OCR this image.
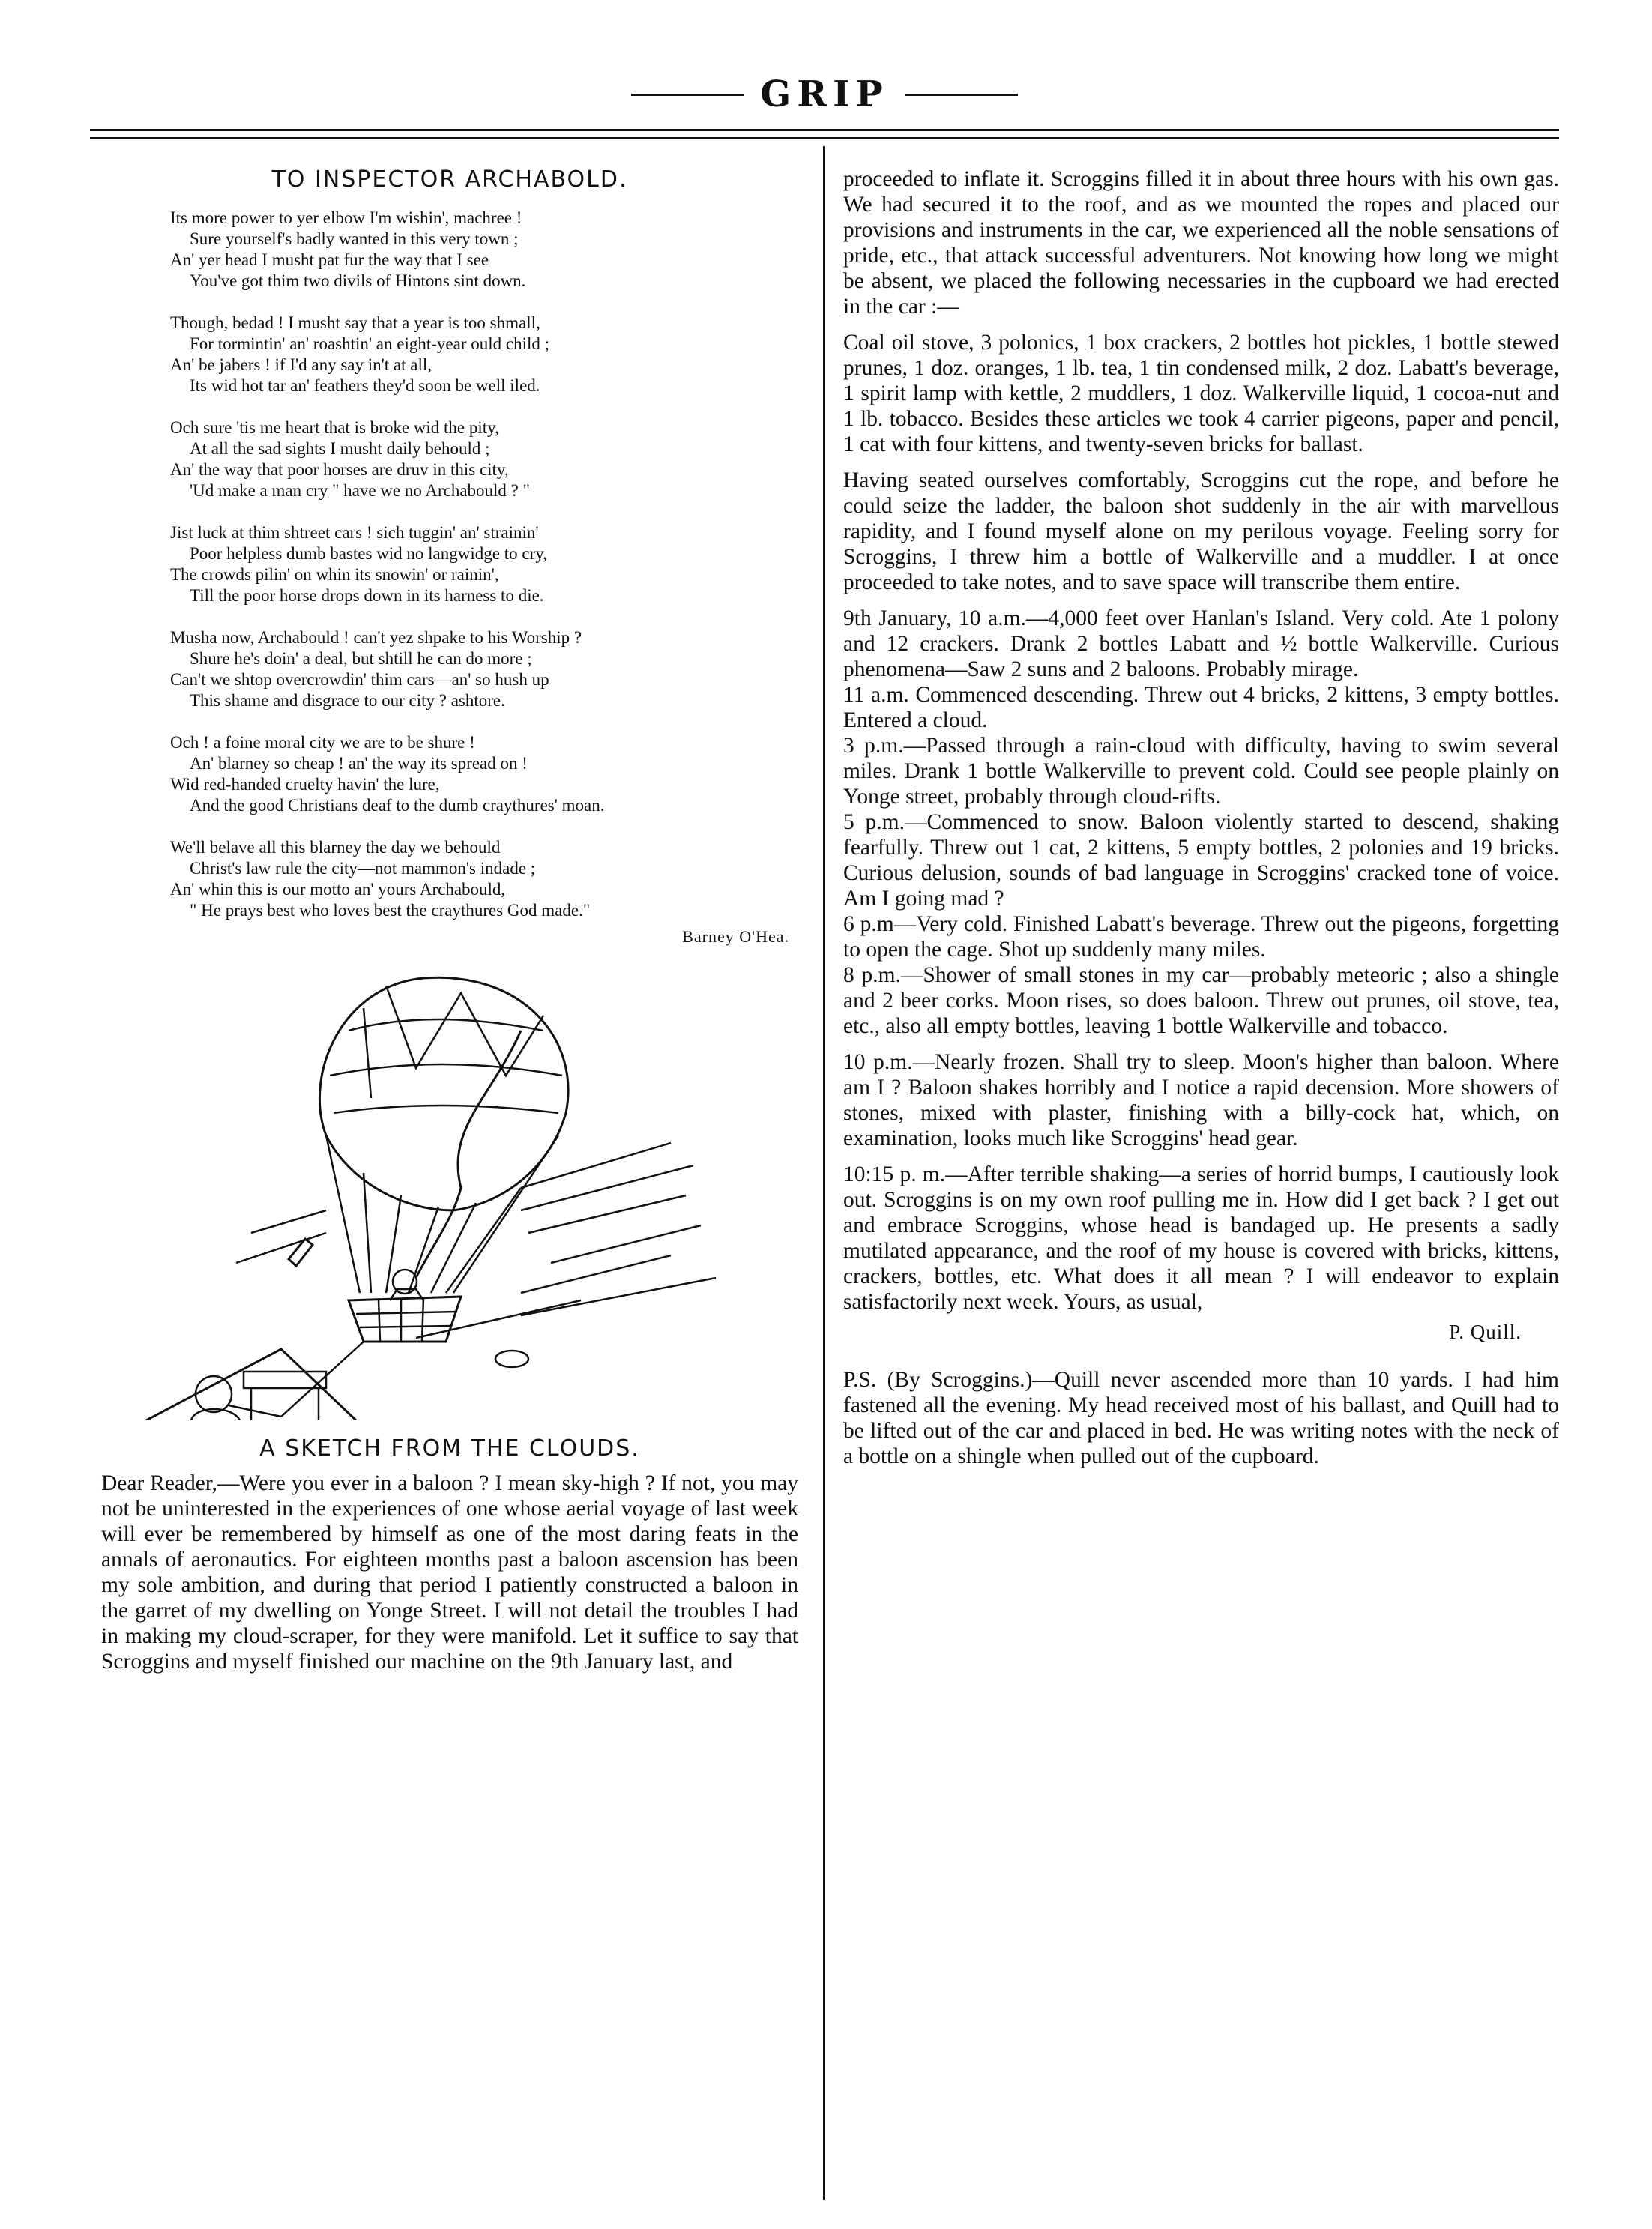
GRIP
TO INSPECTOR ARCHABOLD.
Its more power to yer elbow I'm wishin', machree !
Sure yourself's badly wanted in this very town ;
An' yer head I musht pat fur the way that I see
You've got thim two divils of Hintons sint down.
Though, bedad ! I musht say that a year is too shmall,
For tormintin' an' roashtin' an eight-year ould child ;
An' be jabers ! if I'd any say in't at all,
Its wid hot tar an' feathers they'd soon be well iled.
Och sure 'tis me heart that is broke wid the pity,
At all the sad sights I musht daily behould ;
An' the way that poor horses are druv in this city,
'Ud make a man cry " have we no Archabould ? "
Jist luck at thim shtreet cars ! sich tuggin' an' strainin'
Poor helpless dumb bastes wid no langwidge to cry,
The crowds pilin' on whin its snowin' or rainin',
Till the poor horse drops down in its harness to die.
Musha now, Archabould ! can't yez shpake to his Worship ?
Shure he's doin' a deal, but shtill he can do more ;
Can't we shtop overcrowdin' thim cars—an' so hush up
This shame and disgrace to our city ? ashtore.
Och ! a foine moral city we are to be shure !
An' blarney so cheap ! an' the way its spread on !
Wid red-handed cruelty havin' the lure,
And the good Christians deaf to the dumb craythures' moan.
We'll belave all this blarney the day we behould
Christ's law rule the city—not mammon's indade ;
An' whin this is our motto an' yours Archabould,
" He prays best who loves best the craythures God made."
Barney O'Hea.
A SKETCH FROM THE CLOUDS.

Dear Reader,—Were you ever in a baloon ? I mean sky-high ? If not, you may not be uninterested in the experiences of one whose aerial voyage of last week will ever be remembered by himself as one of the most daring feats in the annals of aeronautics. For eighteen months past a baloon ascension has been my sole ambition, and during that period I patiently constructed a baloon in the garret of my dwelling on Yonge Street. I will not detail the troubles I had in making my cloud-scraper, for they were manifold. Let it suffice to say that Scroggins and myself finished our machine on the 9th January last, and

proceeded to inflate it. Scroggins filled it in about three hours with his own gas. We had secured it to the roof, and as we mounted the ropes and placed our provisions and instruments in the car, we experienced all the noble sensations of pride, etc., that attack successful adventurers. Not knowing how long we might be absent, we placed the following necessaries in the cupboard we had erected in the car :—

Coal oil stove, 3 polonics, 1 box crackers, 2 bottles hot pickles, 1 bottle stewed prunes, 1 doz. oranges, 1 lb. tea, 1 tin condensed milk, 2 doz. Labatt's beverage, 1 spirit lamp with kettle, 2 muddlers, 1 doz. Walkerville liquid, 1 cocoa-nut and 1 lb. tobacco. Besides these articles we took 4 carrier pigeons, paper and pencil, 1 cat with four kittens, and twenty-seven bricks for ballast.

Having seated ourselves comfortably, Scroggins cut the rope, and before he could seize the ladder, the baloon shot suddenly in the air with marvellous rapidity, and I found myself alone on my perilous voyage. Feeling sorry for Scroggins, I threw him a bottle of Walkerville and a muddler. I at once proceeded to take notes, and to save space will transcribe them entire.

9th January, 10 a.m.—4,000 feet over Hanlan's Island. Very cold. Ate 1 polony and 12 crackers. Drank 2 bottles Labatt and ½ bottle Walkerville. Curious phenomena—Saw 2 suns and 2 baloons. Probably mirage.

11 a.m. Commenced descending. Threw out 4 bricks, 2 kittens, 3 empty bottles. Entered a cloud.

3 p.m.—Passed through a rain-cloud with difficulty, having to swim several miles. Drank 1 bottle Walkerville to prevent cold. Could see people plainly on Yonge street, probably through cloud-rifts.

5 p.m.—Commenced to snow. Baloon violently started to descend, shaking fearfully. Threw out 1 cat, 2 kittens, 5 empty bottles, 2 polonies and 19 bricks. Curious delusion, sounds of bad language in Scroggins' cracked tone of voice. Am I going mad ?

6 p.m—Very cold. Finished Labatt's beverage. Threw out the pigeons, forgetting to open the cage. Shot up suddenly many miles.

8 p.m.—Shower of small stones in my car—probably meteoric ; also a shingle and 2 beer corks. Moon rises, so does baloon. Threw out prunes, oil stove, tea, etc., also all empty bottles, leaving 1 bottle Walkerville and tobacco.

10 p.m.—Nearly frozen. Shall try to sleep. Moon's higher than baloon. Where am I ? Baloon shakes horribly and I notice a rapid decension. More showers of stones, mixed with plaster, finishing with a billy-cock hat, which, on examination, looks much like Scroggins' head gear.

10:15 p. m.—After terrible shaking—a series of horrid bumps, I cautiously look out. Scroggins is on my own roof pulling me in. How did I get back ? I get out and embrace Scroggins, whose head is bandaged up. He presents a sadly mutilated appearance, and the roof of my house is covered with bricks, kittens, crackers, bottles, etc. What does it all mean ? I will endeavor to explain satisfactorily next week. Yours, as usual,

P. Quill.

P.S. (By Scroggins.)—Quill never ascended more than 10 yards. I had him fastened all the evening. My head received most of his ballast, and Quill had to be lifted out of the car and placed in bed. He was writing notes with the neck of a bottle on a shingle when pulled out of the cupboard.
